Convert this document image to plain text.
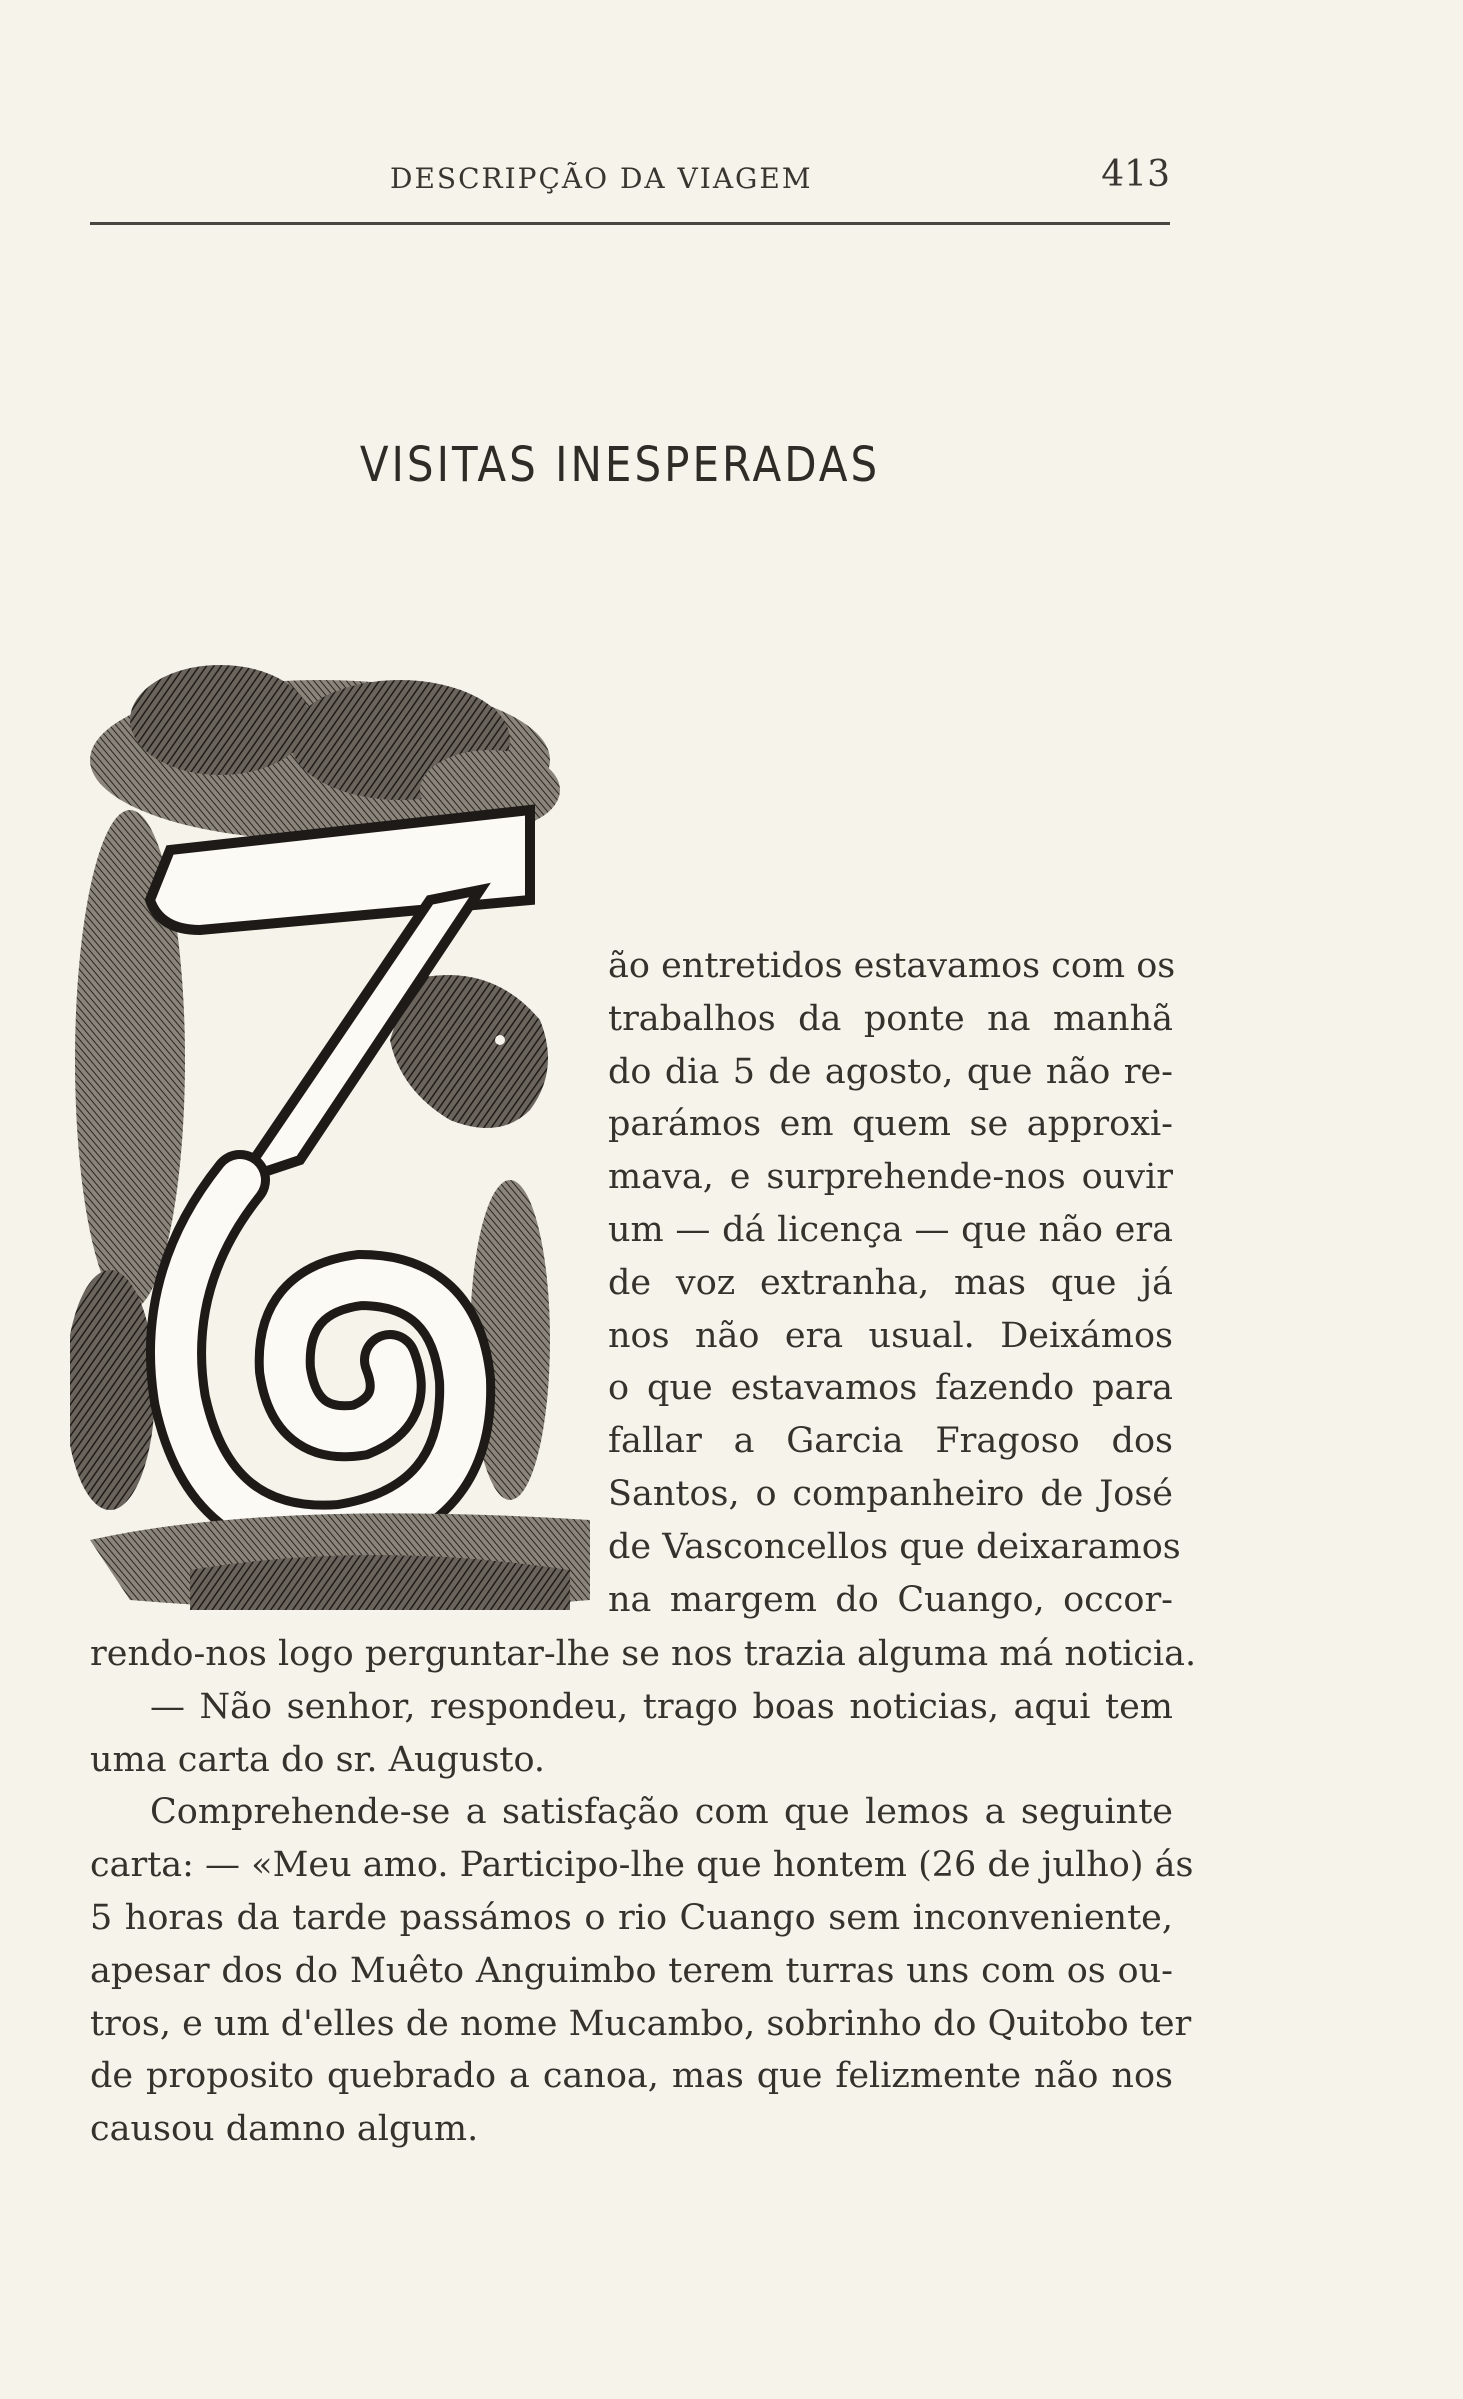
DESCRIPÇÃO DA VIAGEM	413
VISITAS INESPERADAS
ão entretidos estavamos com os
trabalhos da ponte na manhã
do dia 5 de agosto, que não re-
parámos em quem se approxi-
mava, e surprehende-nos ouvir
um — dá licença — que não era
de voz extranha, mas que já
nos não era usual. Deixámos
o que estavamos fazendo para
fallar a Garcia Fragoso dos
Santos, o companheiro de José
de Vasconcellos que deixaramos
na margem do Cuango, occor-
rendo-nos logo perguntar-lhe se nos trazia alguma má noticia.
— Não senhor, respondeu, trago boas noticias, aqui tem
uma carta do sr. Augusto.
Comprehende-se a satisfação com que lemos a seguinte
carta: — «Meu amo. Participo-lhe que hontem (26 de julho) ás
5 horas da tarde passámos o rio Cuango sem inconveniente,
apesar dos do Muêto Anguimbo terem turras uns com os ou-
tros, e um d'elles de nome Mucambo, sobrinho do Quitobo ter
de proposito quebrado a canoa, mas que felizmente não nos
causou damno algum.
